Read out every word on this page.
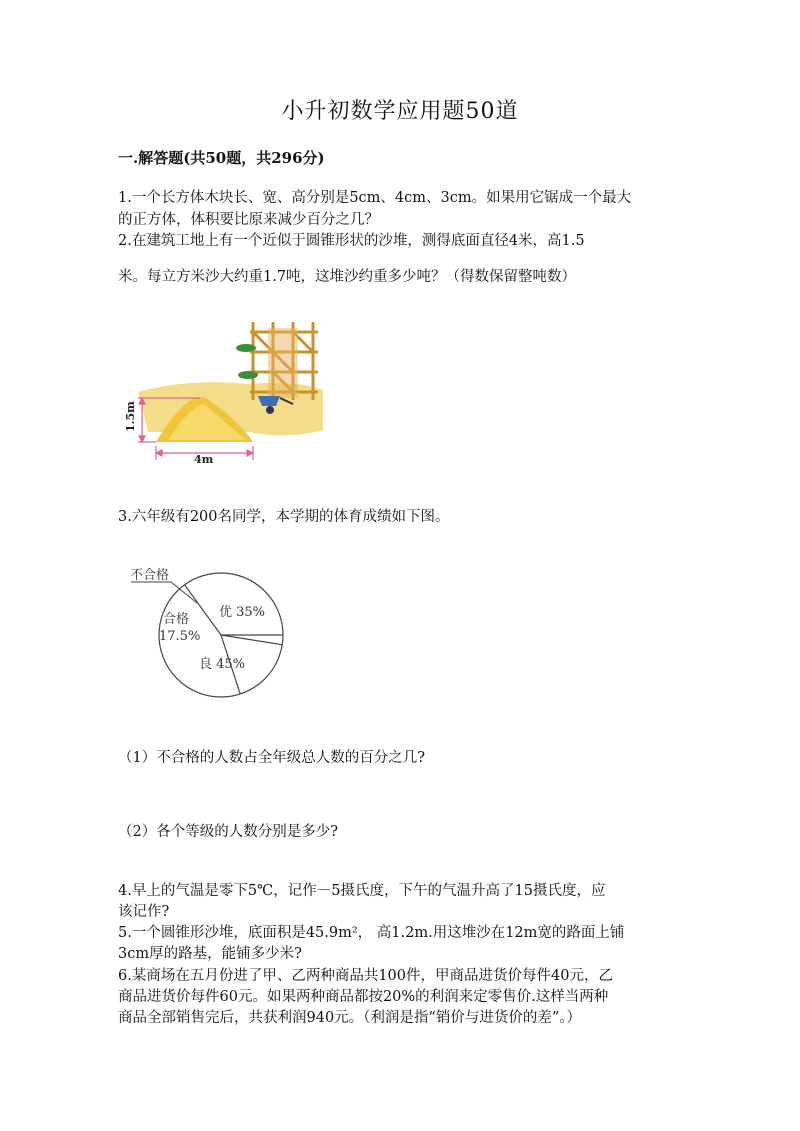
小升初数学应用题50道
一.解答题(共50题，共296分)
1.一个长方体木块长、宽、高分别是5cm、4cm、3cm。如果用它锯成一个最大
的正方体，体积要比原来减少百分之几？
2.在建筑工地上有一个近似于圆锥形状的沙堆，测得底面直径4米，高1.5
米。每立方米沙大约重1.7吨，这堆沙约重多少吨？（得数保留整吨数）
1.5m
4m
3.六年级有200名同学，本学期的体育成绩如下图。
不合格
合格
17.5%
优 35%
良 45%
（1）不合格的人数占全年级总人数的百分之几?
（2）各个等级的人数分别是多少?
4.早上的气温是零下5℃，记作－5摄氏度，下午的气温升高了15摄氏度，应
该记作?
5.一个圆锥形沙堆，底面积是45.9m²， 高1.2m.用这堆沙在12m宽的路面上铺
3cm厚的路基，能铺多少米?
6.某商场在五月份进了甲、乙两种商品共100件，甲商品进货价每件40元，乙
商品进货价每件60元。如果两种商品都按20%的利润来定零售价.这样当两种
商品全部销售完后，共获利润940元。（利润是指“销价与进货价的差”。）
